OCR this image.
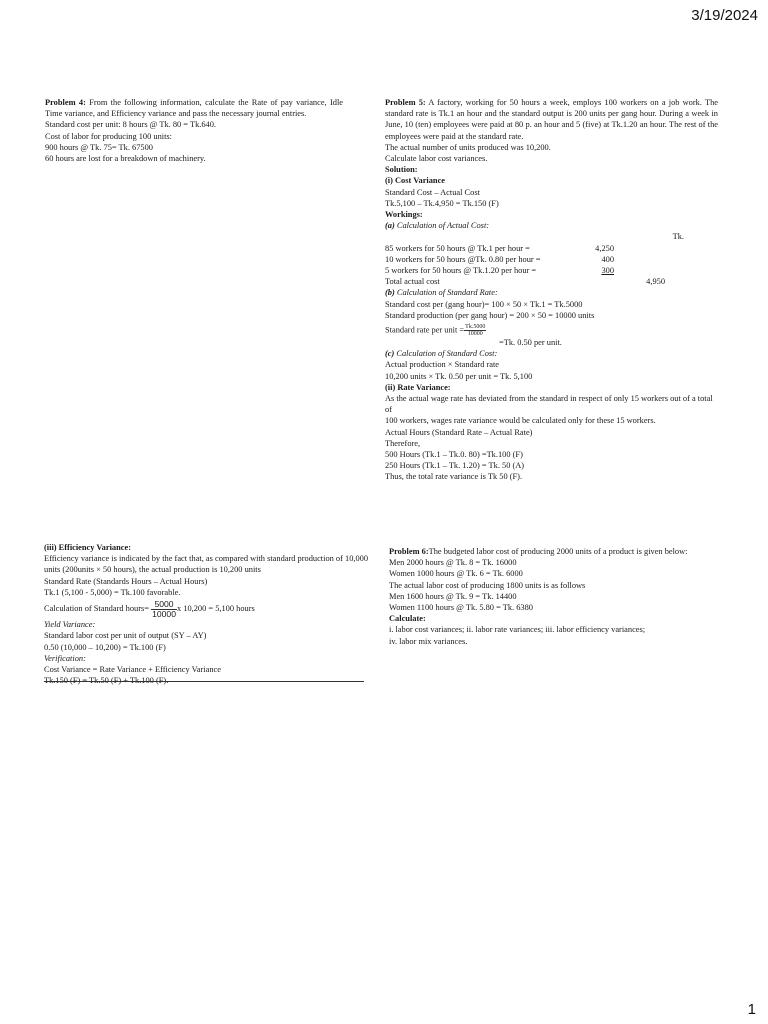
3/19/2024

Problem 4: From the following information, calculate the Rate of pay variance, Idle Time variance, and Efficiency variance and pass the necessary journal entries.

Standard cost per unit: 8 hours @ Tk. 80 = Tk.640.

Cost of labor for producing 100 units:

900 hours @ Tk. 75= Tk. 67500

60 hours are lost for a breakdown of machinery.

Problem 5: A factory, working for 50 hours a week, employs 100 workers on a job work. The standard rate is Tk.1 an hour and the standard output is 200 units per gang hour. During a week in June, 10 (ten) employees were paid at 80 p. an hour and 5 (five) at Tk.1.20 an hour. The rest of the employees were paid at the standard rate.

The actual number of units produced was 10,200.

Calculate labor cost variances.

Solution:

(i) Cost Variance

Standard Cost – Actual Cost

Tk.5,100 – Tk.4,950 = Tk.150 (F)

Workings:

(a) Calculation of Actual Cost:

Tk.
85 workers for 50 hours @ Tk.1 per hour =	4,250
10 workers for 50 hours @Tk. 0.80 per hour =	400
5 workers for 50 hours @ Tk.1.20 per hour =	300
Total actual cost	4,950

(b) Calculation of Standard Rate:

Standard cost per (gang hour)= 100 × 50 × Tk.1 = Tk.5000

Standard production (per gang hour) = 200 × 50 = 10000 units

Standard rate per unit = $\frac{Tk.5000}{10000}$

=Tk. 0.50 per unit.

(c) Calculation of Standard Cost:

Actual production × Standard rate

10,200 units × Tk. 0.50 per unit = Tk. 5,100

(ii) Rate Variance:

As the actual wage rate has deviated from the standard in respect of only 15 workers out of a total of

100 workers, wages rate variance would be calculated only for these 15 workers.

Actual Hours (Standard Rate – Actual Rate)

Therefore,

500 Hours (Tk.1 – Tk.0. 80) =Tk.100 (F)

250 Hours (Tk.1 – Tk. 1.20) = Tk. 50 (A)

Thus, the total rate variance is Tk 50 (F).

(iii) Efficiency Variance:

Efficiency variance is indicated by the fact that, as compared with standard production of 10,000 units (200units × 50 hours), the actual production is 10,200 units

Standard Rate (Standards Hours – Actual Hours)

Tk.1 (5,100 - 5,000) = Tk.100 favorable.

Calculation of Standard hours= $\frac{5000}{10000}$ x 10,200 = 5,100 hours

Yield Variance:

Standard labor cost per unit of output (SY – AY)

0.50 (10,000 – 10,200) = Tk.100 (F)

Verification:

Cost Variance = Rate Variance + Efficiency Variance

Tk.150 (F) = Tk.50 (F) + Tk.100 (F).

Problem 6:The budgeted labor cost of producing 2000 units of a product is given below:

Men 2000 hours @ Tk. 8 = Tk. 16000

Women 1000 hours @ Tk. 6 = Tk. 6000

The actual labor cost of producing 1800 units is as follows

Men 1600 hours @ Tk. 9 = Tk. 14400

Women 1100 hours @ Tk. 5.80 = Tk. 6380

Calculate:

i. labor cost variances; ii. labor rate variances; iii. labor efficiency variances;

iv. labor mix variances.

1
